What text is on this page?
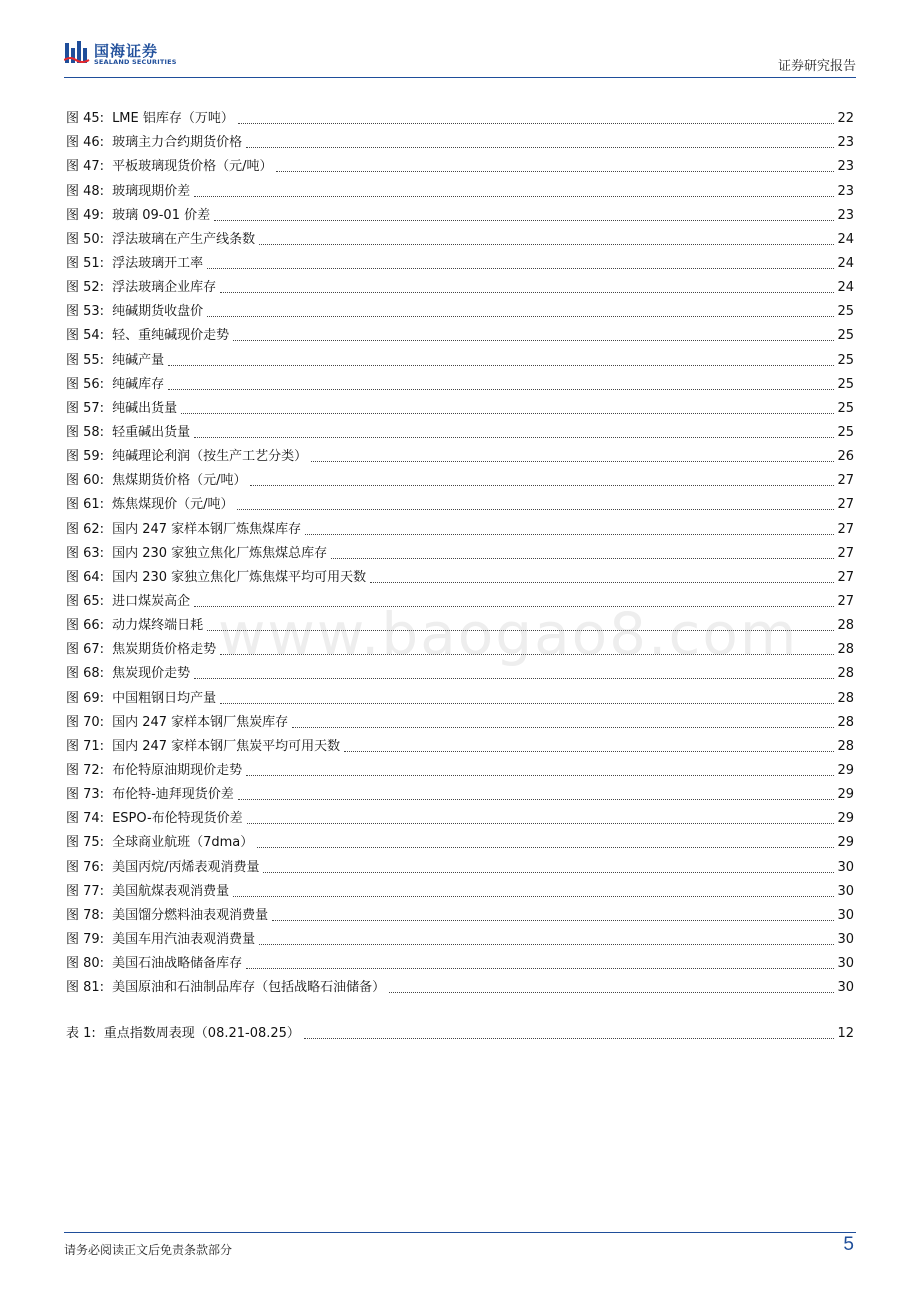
国海证券
SEALAND SECURITIES	证券研究报告
图 45: LME 铝库存（万吨）	22
图 46: 玻璃主力合约期货价格	23
图 47: 平板玻璃现货价格（元/吨）	23
图 48: 玻璃现期价差	23
图 49: 玻璃 09-01 价差	23
图 50: 浮法玻璃在产生产线条数	24
图 51: 浮法玻璃开工率	24
图 52: 浮法玻璃企业库存	24
图 53: 纯碱期货收盘价	25
图 54: 轻、重纯碱现价走势	25
图 55: 纯碱产量	25
图 56: 纯碱库存	25
图 57: 纯碱出货量	25
图 58: 轻重碱出货量	25
图 59: 纯碱理论利润（按生产工艺分类）	26
图 60: 焦煤期货价格（元/吨）	27
图 61: 炼焦煤现价（元/吨）	27
图 62: 国内 247 家样本钢厂炼焦煤库存	27
图 63: 国内 230 家独立焦化厂炼焦煤总库存	27
图 64: 国内 230 家独立焦化厂炼焦煤平均可用天数	27
图 65: 进口煤炭高企	27
图 66: 动力煤终端日耗	28
图 67: 焦炭期货价格走势	28
图 68: 焦炭现价走势	28
图 69: 中国粗钢日均产量	28
图 70: 国内 247 家样本钢厂焦炭库存	28
图 71: 国内 247 家样本钢厂焦炭平均可用天数	28
图 72: 布伦特原油期现价走势	29
图 73: 布伦特-迪拜现货价差	29
图 74: ESPO-布伦特现货价差	29
图 75: 全球商业航班（7dma）	29
图 76: 美国丙烷/丙烯表观消费量	30
图 77: 美国航煤表观消费量	30
图 78: 美国馏分燃料油表观消费量	30
图 79: 美国车用汽油表观消费量	30
图 80: 美国石油战略储备库存	30
图 81: 美国原油和石油制品库存（包括战略石油储备）	30
表 1: 重点指数周表现（08.21-08.25）	12
www.baogao8.com
请务必阅读正文后免责条款部分	5
